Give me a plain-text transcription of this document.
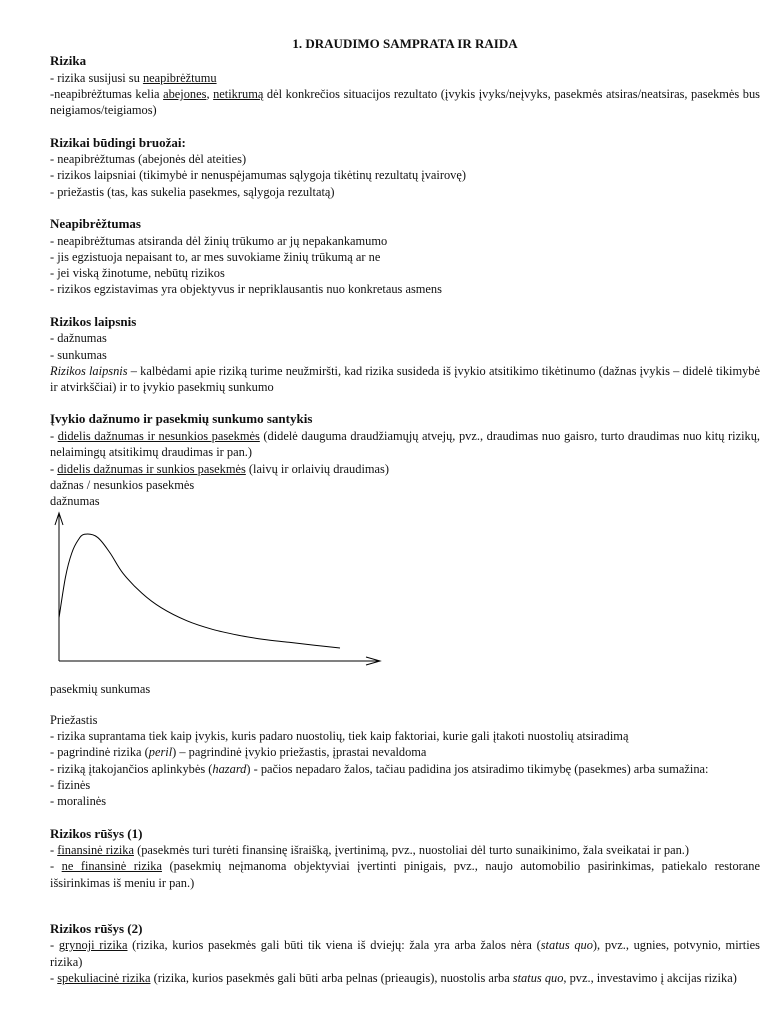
1. DRAUDIMO SAMPRATA IR RAIDA

Rizika

- rizika susijusi su neapibrėžtumu

-neapibrėžtumas kelia abejones, netikrumą dėl konkrečios situacijos rezultato (įvykis įvyks/neįvyks, pasekmės atsiras/neatsiras, pasekmės bus neigiamos/teigiamos)

Rizikai būdingi bruožai:

- neapibrėžtumas (abejonės dėl ateities)

- rizikos laipsniai (tikimybė ir nenuspėjamumas sąlygoja tikėtinų rezultatų įvairovę)

- priežastis (tas, kas sukelia pasekmes, sąlygoja rezultatą)

Neapibrėžtumas

- neapibrėžtumas atsiranda dėl žinių trūkumo ar jų nepakankamumo

- jis egzistuoja nepaisant to, ar mes suvokiame žinių trūkumą ar ne

- jei viską žinotume, nebūtų rizikos

- rizikos egzistavimas yra objektyvus ir nepriklausantis nuo konkretaus asmens

Rizikos laipsnis

- dažnumas

- sunkumas

Rizikos laipsnis – kalbėdami apie riziką turime neužmiršti, kad rizika susideda iš įvykio atsitikimo tikėtinumo (dažnas įvykis – didelė tikimybė ir atvirkščiai) ir to įvykio pasekmių sunkumo

Įvykio dažnumo ir pasekmių sunkumo santykis

- didelis dažnumas ir nesunkios pasekmės (didelė dauguma draudžiamųjų atvejų, pvz., draudimas nuo gaisro, turto draudimas nuo kitų rizikų, nelaimingų atsitikimų draudimas ir pan.)

- didelis dažnumas ir sunkios pasekmės (laivų ir orlaivių draudimas)

dažnas / nesunkios pasekmės

dažnumas

pasekmių sunkumas

Priežastis

- rizika suprantama tiek kaip įvykis, kuris padaro nuostolių, tiek kaip faktoriai, kurie gali įtakoti nuostolių atsiradimą

- pagrindinė rizika (peril) – pagrindinė įvykio priežastis, įprastai nevaldoma

- riziką įtakojančios aplinkybės (hazard) - pačios nepadaro žalos, tačiau padidina jos atsiradimo tikimybę (pasekmes) arba sumažina:

- fizinės

- moralinės

Rizikos rūšys (1)

- finansinė rizika (pasekmės turi turėti finansinę išraišką, įvertinimą, pvz., nuostoliai dėl turto sunaikinimo, žala sveikatai ir pan.)

- ne finansinė rizika (pasekmių neįmanoma objektyviai įvertinti pinigais, pvz., naujo automobilio pasirinkimas, patiekalo restorane išsirinkimas iš meniu ir pan.)

Rizikos rūšys (2)

- grynoji rizika (rizika, kurios pasekmės gali būti tik viena iš dviejų: žala yra arba žalos nėra (status quo), pvz., ugnies, potvynio, mirties rizika)

- spekuliacinė rizika (rizika, kurios pasekmės gali būti arba pelnas (prieaugis), nuostolis arba status quo, pvz., investavimo į akcijas rizika)
